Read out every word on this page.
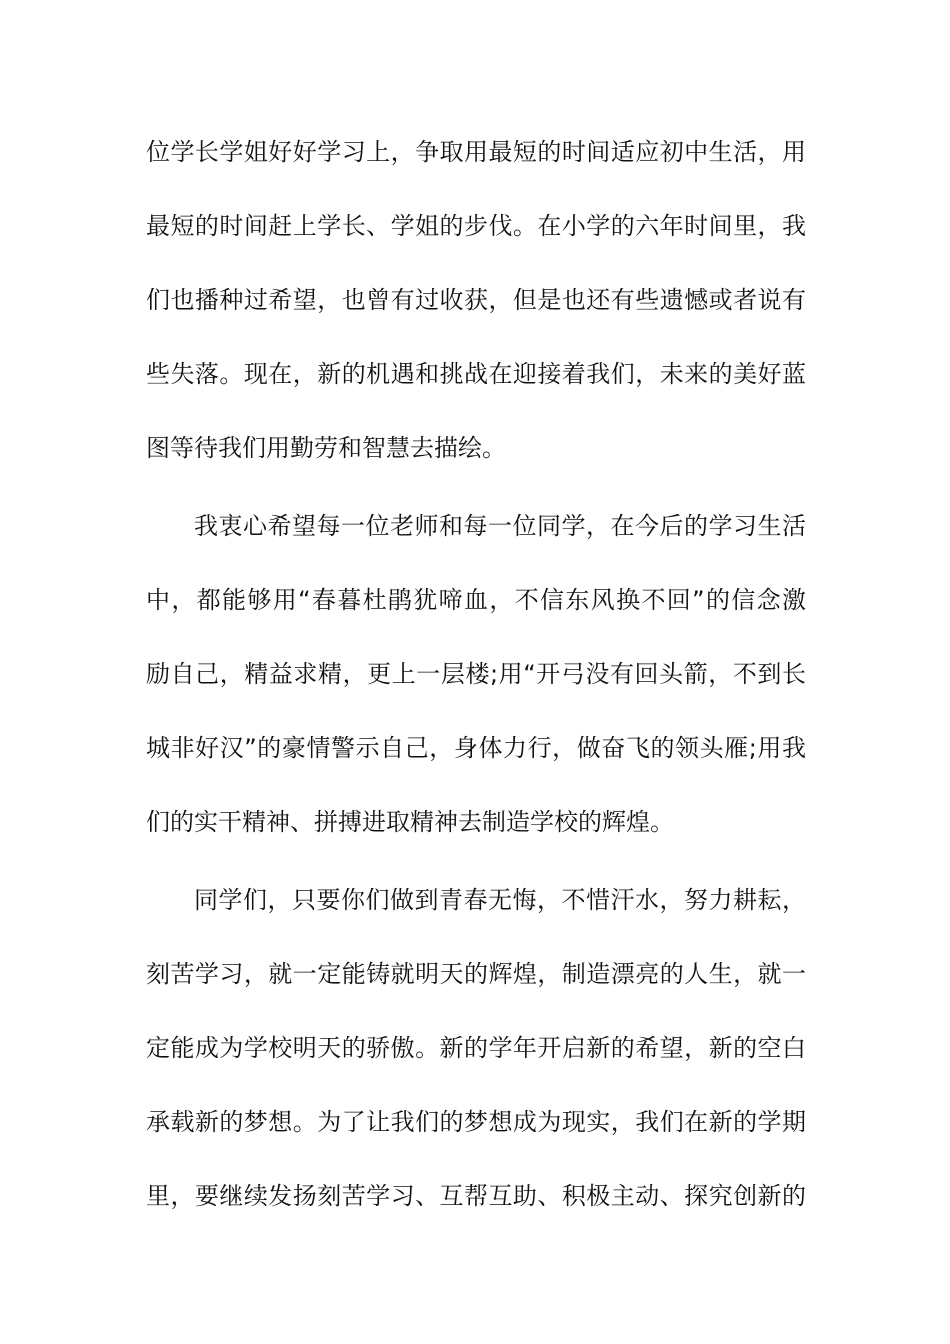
位学长学姐好好学习上，争取用最短的时间适应初中生活，用
最短的时间赶上学长、学姐的步伐。在小学的六年时间里，我
们也播种过希望，也曾有过收获，但是也还有些遗憾或者说有
些失落。现在，新的机遇和挑战在迎接着我们，未来的美好蓝
图等待我们用勤劳和智慧去描绘。
我衷心希望每一位老师和每一位同学，在今后的学习生活
中，都能够用“春暮杜鹃犹啼血，不信东风换不回”的信念激
励自己，精益求精，更上一层楼;用“开弓没有回头箭，不到长
城非好汉”的豪情警示自己，身体力行，做奋飞的领头雁;用我
们的实干精神、拼搏进取精神去制造学校的辉煌。
同学们，只要你们做到青春无悔，不惜汗水，努力耕耘，
刻苦学习，就一定能铸就明天的辉煌，制造漂亮的人生，就一
定能成为学校明天的骄傲。新的学年开启新的希望，新的空白
承载新的梦想。为了让我们的梦想成为现实，我们在新的学期
里，要继续发扬刻苦学习、互帮互助、积极主动、探究创新的
